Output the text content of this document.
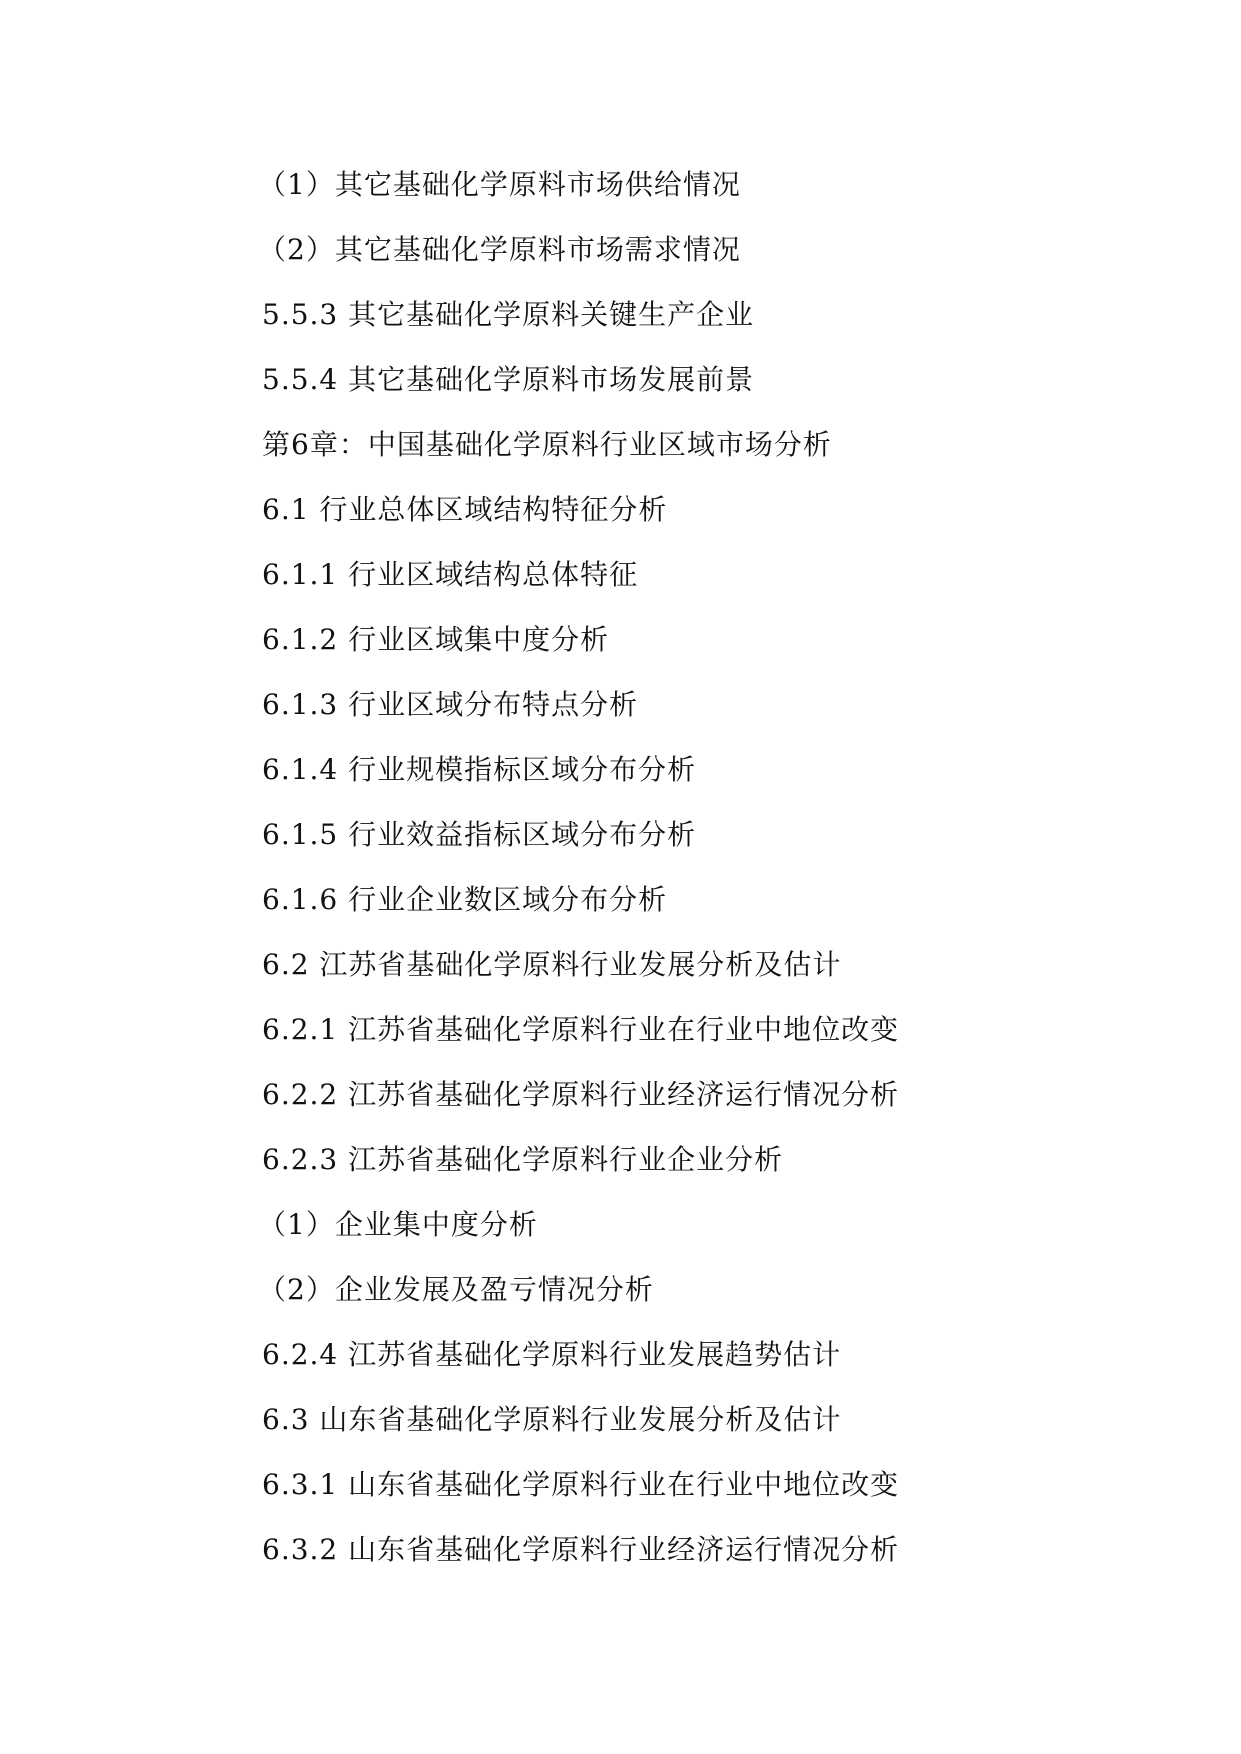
（1）其它基础化学原料市场供给情况
（2）其它基础化学原料市场需求情况
5.5.3 其它基础化学原料关键生产企业
5.5.4 其它基础化学原料市场发展前景
第6章：中国基础化学原料行业区域市场分析
6.1 行业总体区域结构特征分析
6.1.1 行业区域结构总体特征
6.1.2 行业区域集中度分析
6.1.3 行业区域分布特点分析
6.1.4 行业规模指标区域分布分析
6.1.5 行业效益指标区域分布分析
6.1.6 行业企业数区域分布分析
6.2 江苏省基础化学原料行业发展分析及估计
6.2.1 江苏省基础化学原料行业在行业中地位改变
6.2.2 江苏省基础化学原料行业经济运行情况分析
6.2.3 江苏省基础化学原料行业企业分析
（1）企业集中度分析
（2）企业发展及盈亏情况分析
6.2.4 江苏省基础化学原料行业发展趋势估计
6.3 山东省基础化学原料行业发展分析及估计
6.3.1 山东省基础化学原料行业在行业中地位改变
6.3.2 山东省基础化学原料行业经济运行情况分析
